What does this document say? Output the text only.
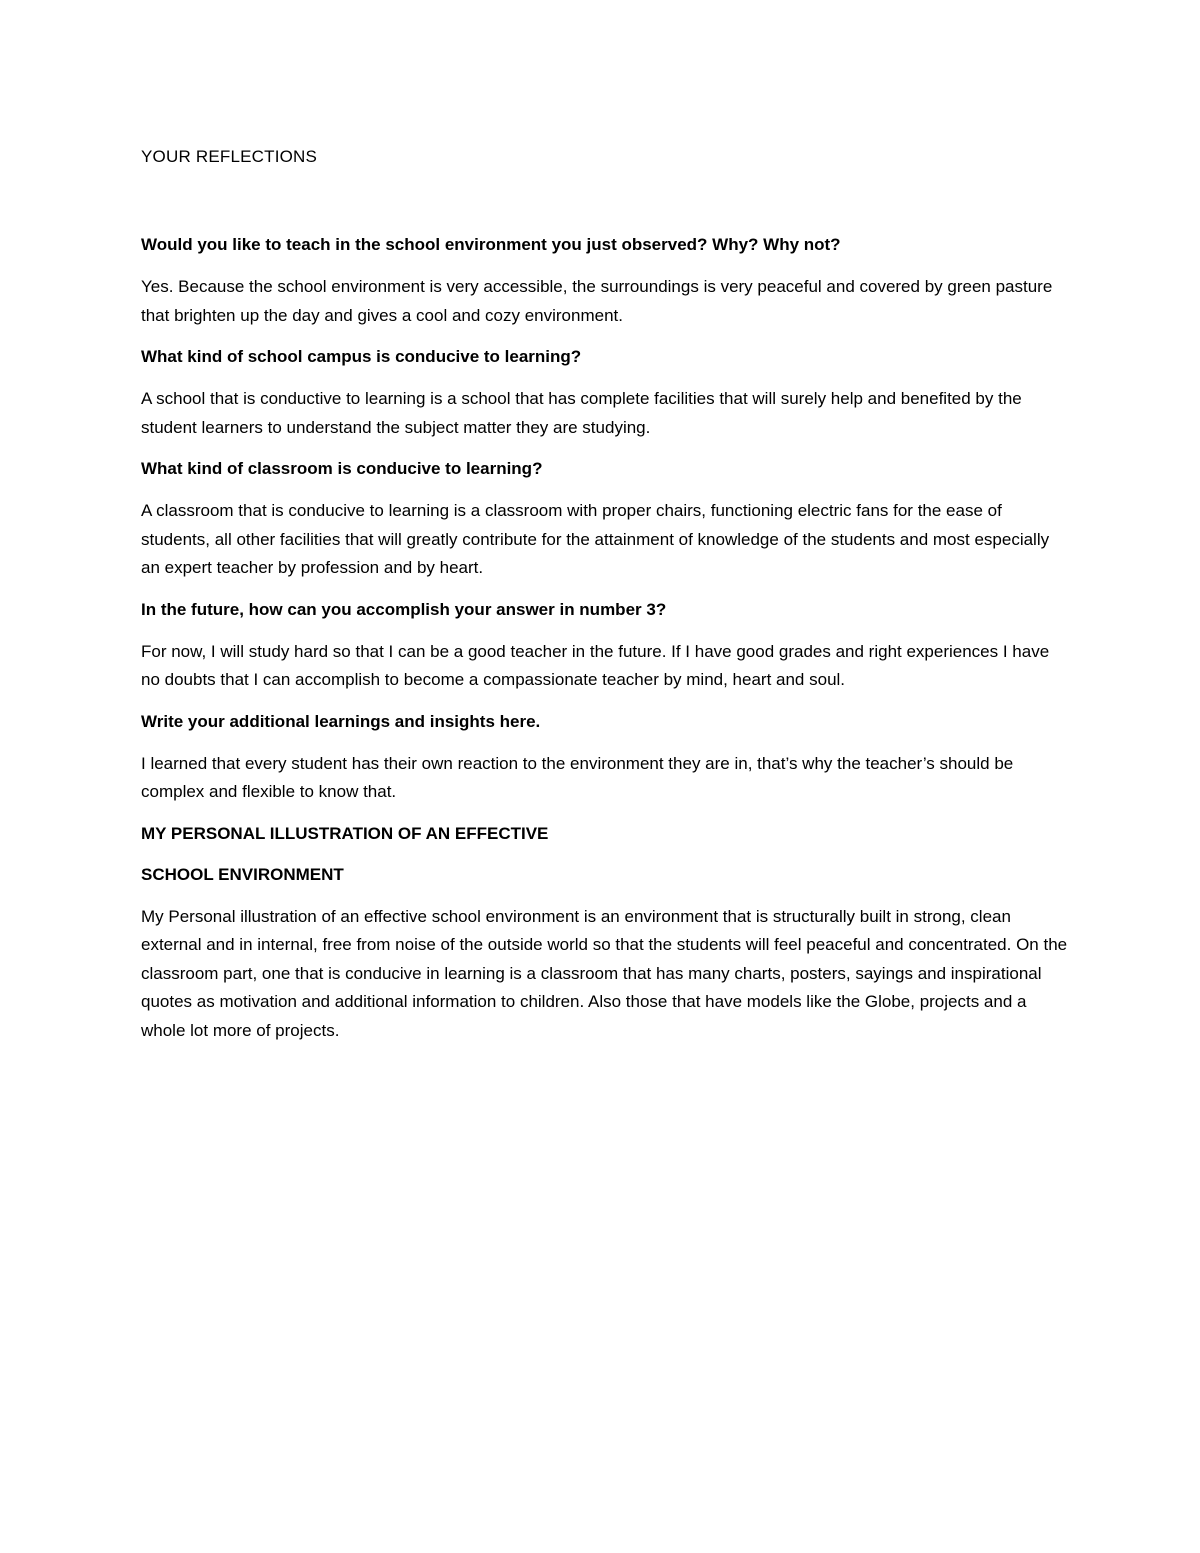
YOUR REFLECTIONS

Would you like to teach in the school environment you just observed? Why? Why not?

Yes. Because the school environment is very accessible, the surroundings is very peaceful and covered by green pasture that brighten up the day and gives a cool and cozy environment.

What kind of school campus is conducive to learning?

A school that is conductive to learning is a school that has complete facilities that will surely help and benefited by the student learners to understand the subject matter they are studying.

What kind of classroom is conducive to learning?

A classroom that is conducive to learning is a classroom with proper chairs, functioning electric fans for the ease of students, all other facilities that will greatly contribute for the attainment of knowledge of the students and most especially an expert teacher by profession and by heart.

In the future, how can you accomplish your answer in number 3?

For now, I will study hard so that I can be a good teacher in the future. If I have good grades and right experiences I have no doubts that I can accomplish to become a compassionate teacher by mind, heart and soul.

Write your additional learnings and insights here.

I learned that every student has their own reaction to the environment they are in, that’s why the teacher’s should be complex and flexible to know that.

MY PERSONAL ILLUSTRATION OF AN EFFECTIVE

SCHOOL ENVIRONMENT

My Personal illustration of an effective school environment is an environment that is structurally built in strong, clean external and in internal, free from noise of the outside world so that the students will feel peaceful and concentrated. On the classroom part, one that is conducive in learning is a classroom that has many charts, posters, sayings and inspirational quotes as motivation and additional information to children. Also those that have models like the Globe, projects and a whole lot more of projects.
